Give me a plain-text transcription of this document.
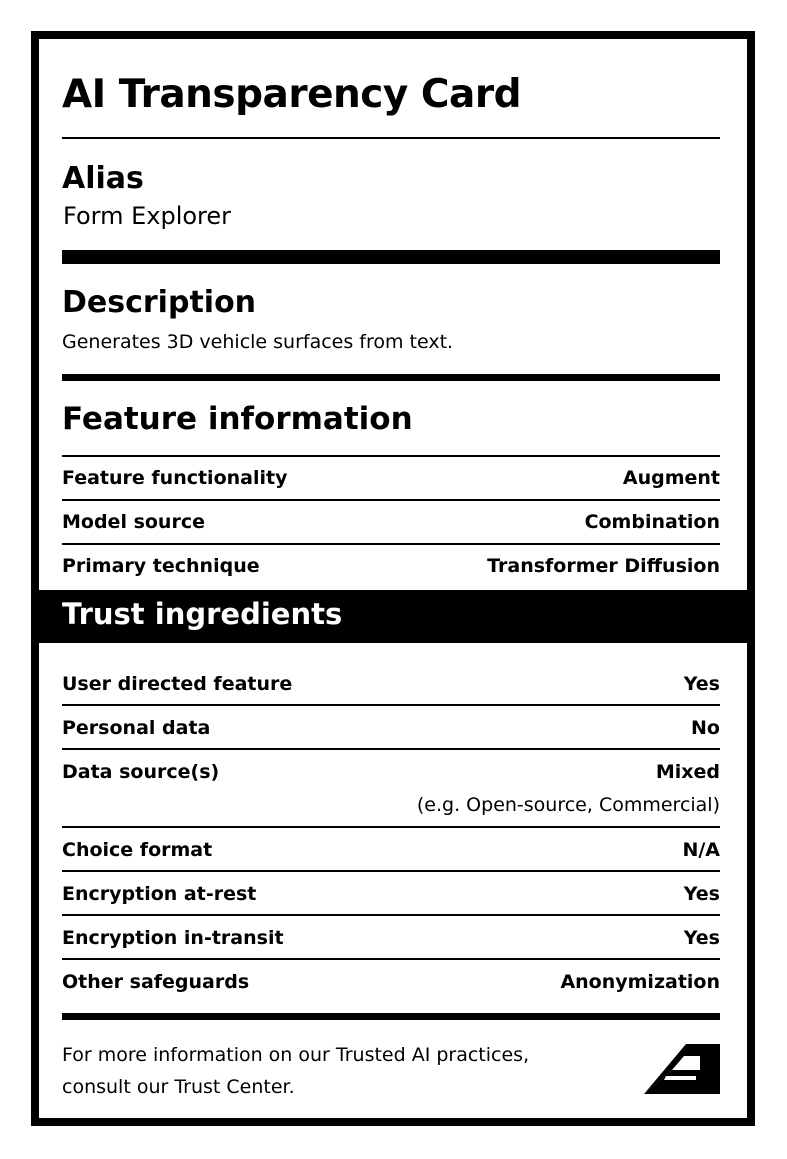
AI Transparency Card
Alias

Form Explorer

Description

Generates 3D vehicle surfaces from text.

Feature information
Feature functionality	Augment
Model source	Combination
Primary technique	Transformer Diffusion
Trust ingredients
User directed feature	Yes
Personal data	No
Data source(s)	Mixed
(e.g. Open-source, Commercial)
Choice format	N/A
Encryption at-rest	Yes
Encryption in-transit	Yes
Other safeguards	Anonymization

For more information on our Trusted AI practices,
consult our Trust Center.
